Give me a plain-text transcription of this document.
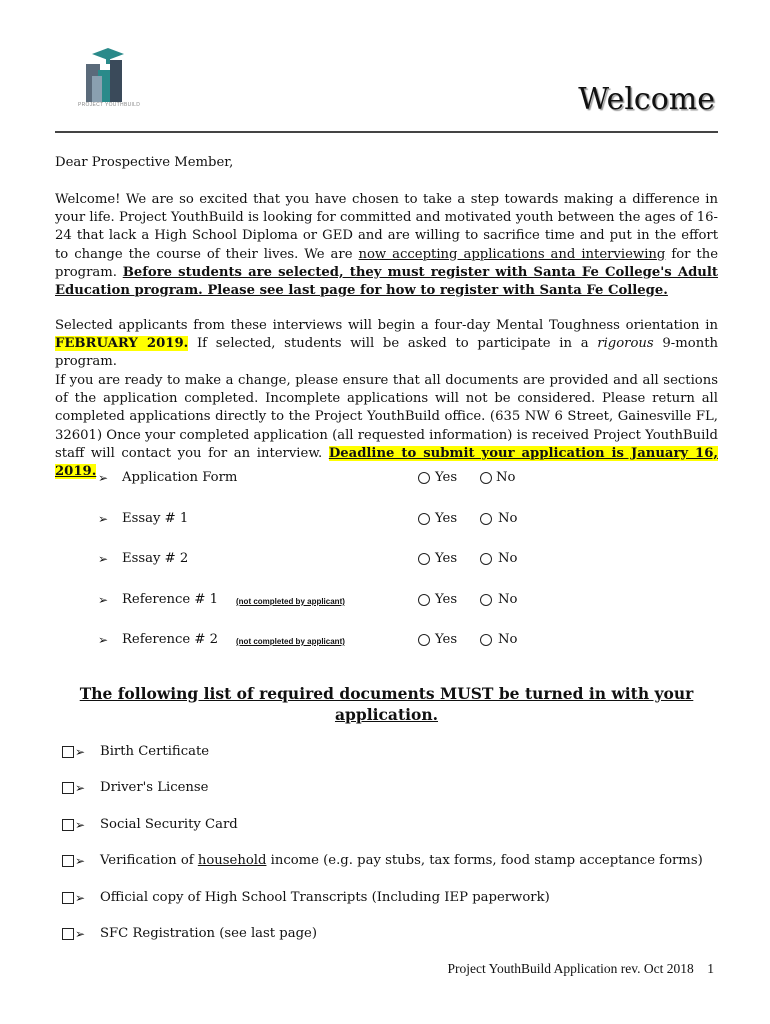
PROJECT YOUTHBUILD	Welcome
Dear Prospective Member,
Welcome! We are so excited that you have chosen to take a step towards making a difference in your life. Project YouthBuild is looking for committed and motivated youth between the ages of 16-24 that lack a High School Diploma or GED and are willing to sacrifice time and put in the effort to change the course of their lives. We are now accepting applications and interviewing for the program. Before students are selected, they must register with Santa Fe College's Adult Education program. Please see last page for how to register with Santa Fe College.
Selected applicants from these interviews will begin a four-day Mental Toughness orientation in FEBRUARY 2019. If selected, students will be asked to participate in a rigorous 9-month program.
If you are ready to make a change, please ensure that all documents are provided and all sections of the application completed. Incomplete applications will not be considered. Please return all completed applications directly to the Project YouthBuild office. (635 NW 6 Street, Gainesville FL, 32601) Once your completed application (all requested information) is received Project YouthBuild staff will contact you for an interview. Deadline to submit your application is January 16, 2019. ➢ Application Form	Yes	No
➢ Essay # 1	Yes	No
➢ Essay # 2	Yes	No
➢ Reference # 1 (not completed by applicant)	Yes	No
➢ Reference # 2 (not completed by applicant)	Yes	No
The following list of required documents MUST be turned in with your application.
➢ Birth Certificate
➢ Driver's License
➢ Social Security Card
➢ Verification of household income (e.g. pay stubs, tax forms, food stamp acceptance forms)
➢ Official copy of High School Transcripts (Including IEP paperwork)
➢ SFC Registration (see last page)
Project YouthBuild Application rev. Oct 2018    1
